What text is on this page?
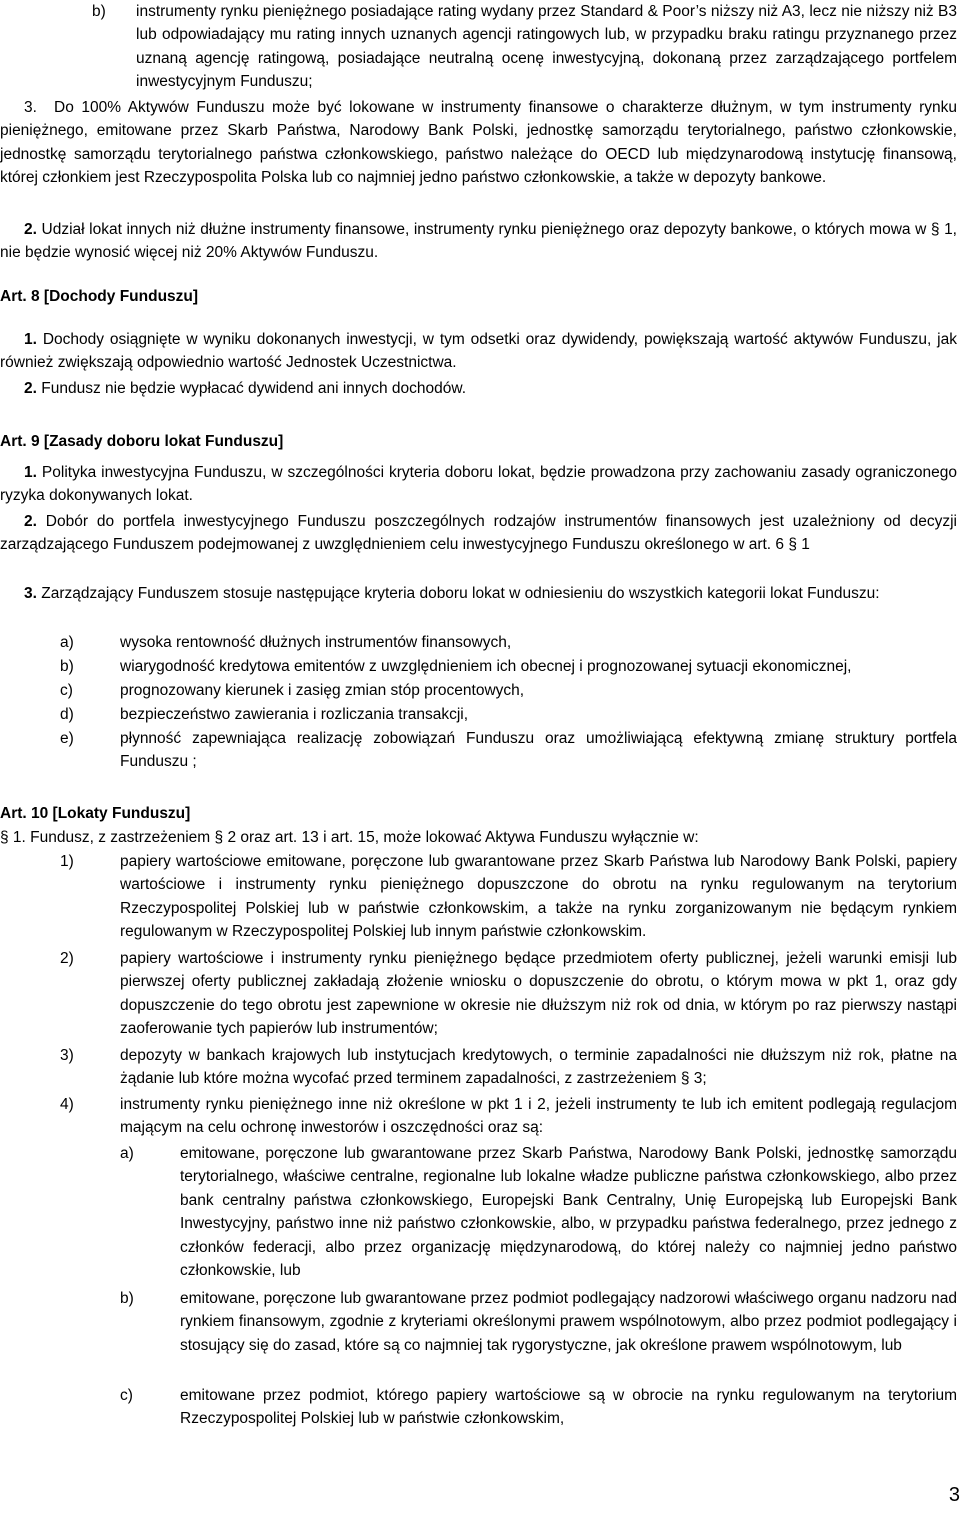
b) instrumenty rynku pieniężnego posiadające rating wydany przez Standard & Poor’s niższy niż A3, lecz nie niższy niż B3 lub odpowiadający mu rating innych uznanych agencji ratingowych lub, w przypadku braku ratingu przyznanego przez uznaną agencję ratingową, posiadające neutralną ocenę inwestycyjną, dokonaną przez zarządzającego portfelem inwestycyjnym Funduszu;

3.	Do 100% Aktywów Funduszu może być lokowane w instrumenty finansowe o charakterze dłużnym, w tym instrumenty rynku pieniężnego, emitowane przez Skarb Państwa, Narodowy Bank Polski, jednostkę samorządu terytorialnego, państwo członkowskie, jednostkę samorządu terytorialnego państwa członkowskiego, państwo należące do OECD lub międzynarodową instytucję finansową, której członkiem jest Rzeczypospolita Polska lub co najmniej jedno państwo członkowskie, a także w depozyty bankowe.

2. Udział lokat innych niż dłużne instrumenty finansowe, instrumenty rynku pieniężnego oraz depozyty bankowe, o których mowa w § 1, nie będzie wynosić więcej niż 20% Aktywów Funduszu.

Art. 8 [Dochody Funduszu]

1. Dochody osiągnięte w wyniku dokonanych inwestycji, w tym odsetki oraz dywidendy, powiększają wartość aktywów Funduszu, jak również zwiększają odpowiednio wartość Jednostek Uczestnictwa.

2. Fundusz nie będzie wypłacać dywidend ani innych dochodów.

Art. 9 [Zasady doboru lokat Funduszu]

1. Polityka inwestycyjna Funduszu, w szczególności kryteria doboru lokat, będzie prowadzona przy zachowaniu zasady ograniczonego ryzyka dokonywanych lokat.

2. Dobór do portfela inwestycyjnego Funduszu poszczególnych rodzajów instrumentów finansowych jest uzależniony od decyzji zarządzającego Funduszem podejmowanej z uwzględnieniem celu inwestycyjnego Funduszu określonego w art. 6 § 1

3. Zarządzający Funduszem stosuje następujące kryteria doboru lokat w odniesieniu do wszystkich kategorii lokat Funduszu:

a)	wysoka rentowność dłużnych instrumentów finansowych,

b)	wiarygodność kredytowa emitentów z uwzględnieniem ich obecnej i prognozowanej sytuacji ekonomicznej,

c)	prognozowany kierunek i zasięg zmian stóp procentowych,

d)	bezpieczeństwo zawierania i rozliczania transakcji,

e)	płynność zapewniająca realizację zobowiązań Funduszu oraz umożliwiającą efektywną zmianę struktury portfela Funduszu ;

Art. 10 [Lokaty Funduszu]

§ 1. Fundusz, z zastrzeżeniem § 2 oraz art. 13 i art. 15, może lokować Aktywa Funduszu wyłącznie w:

1)	papiery wartościowe emitowane, poręczone lub gwarantowane przez Skarb Państwa lub Narodowy Bank Polski, papiery wartościowe i instrumenty rynku pieniężnego dopuszczone do obrotu na rynku regulowanym na terytorium Rzeczypospolitej Polskiej lub w państwie członkowskim, a także na rynku zorganizowanym nie będącym rynkiem regulowanym w Rzeczypospolitej Polskiej lub innym państwie członkowskim.

2)	papiery wartościowe i instrumenty rynku pieniężnego będące przedmiotem oferty publicznej, jeżeli warunki emisji lub pierwszej oferty publicznej zakładają złożenie wniosku o dopuszczenie do obrotu, o którym mowa w pkt 1, oraz gdy dopuszczenie do tego obrotu jest zapewnione w okresie nie dłuższym niż rok od dnia, w którym po raz pierwszy nastąpi zaoferowanie tych papierów lub instrumentów;

3)	depozyty w bankach krajowych lub instytucjach kredytowych, o terminie zapadalności nie dłuższym niż rok, płatne na żądanie lub które można wycofać przed terminem zapadalności, z zastrzeżeniem § 3;

4)	instrumenty rynku pieniężnego inne niż określone w pkt 1 i 2, jeżeli instrumenty te lub ich emitent podlegają regulacjom mającym na celu ochronę inwestorów i oszczędności oraz są:

a)	emitowane, poręczone lub gwarantowane przez Skarb Państwa, Narodowy Bank Polski, jednostkę samorządu terytorialnego, właściwe centralne, regionalne lub lokalne władze publiczne państwa członkowskiego, albo przez bank centralny państwa członkowskiego, Europejski Bank Centralny, Unię Europejską lub Europejski Bank Inwestycyjny, państwo inne niż państwo członkowskie, albo, w przypadku państwa federalnego, przez jednego z członków federacji, albo przez organizację międzynarodową, do której należy co najmniej jedno państwo członkowskie, lub

b)	emitowane, poręczone lub gwarantowane przez podmiot podlegający nadzorowi właściwego organu nadzoru nad rynkiem finansowym, zgodnie z kryteriami określonymi prawem wspólnotowym, albo przez podmiot podlegający i stosujący się do zasad, które są co najmniej tak rygorystyczne, jak określone prawem wspólnotowym, lub

c)	emitowane przez podmiot, którego papiery wartościowe są w obrocie na rynku regulowanym na terytorium Rzeczypospolitej Polskiej lub w państwie członkowskim,

3
